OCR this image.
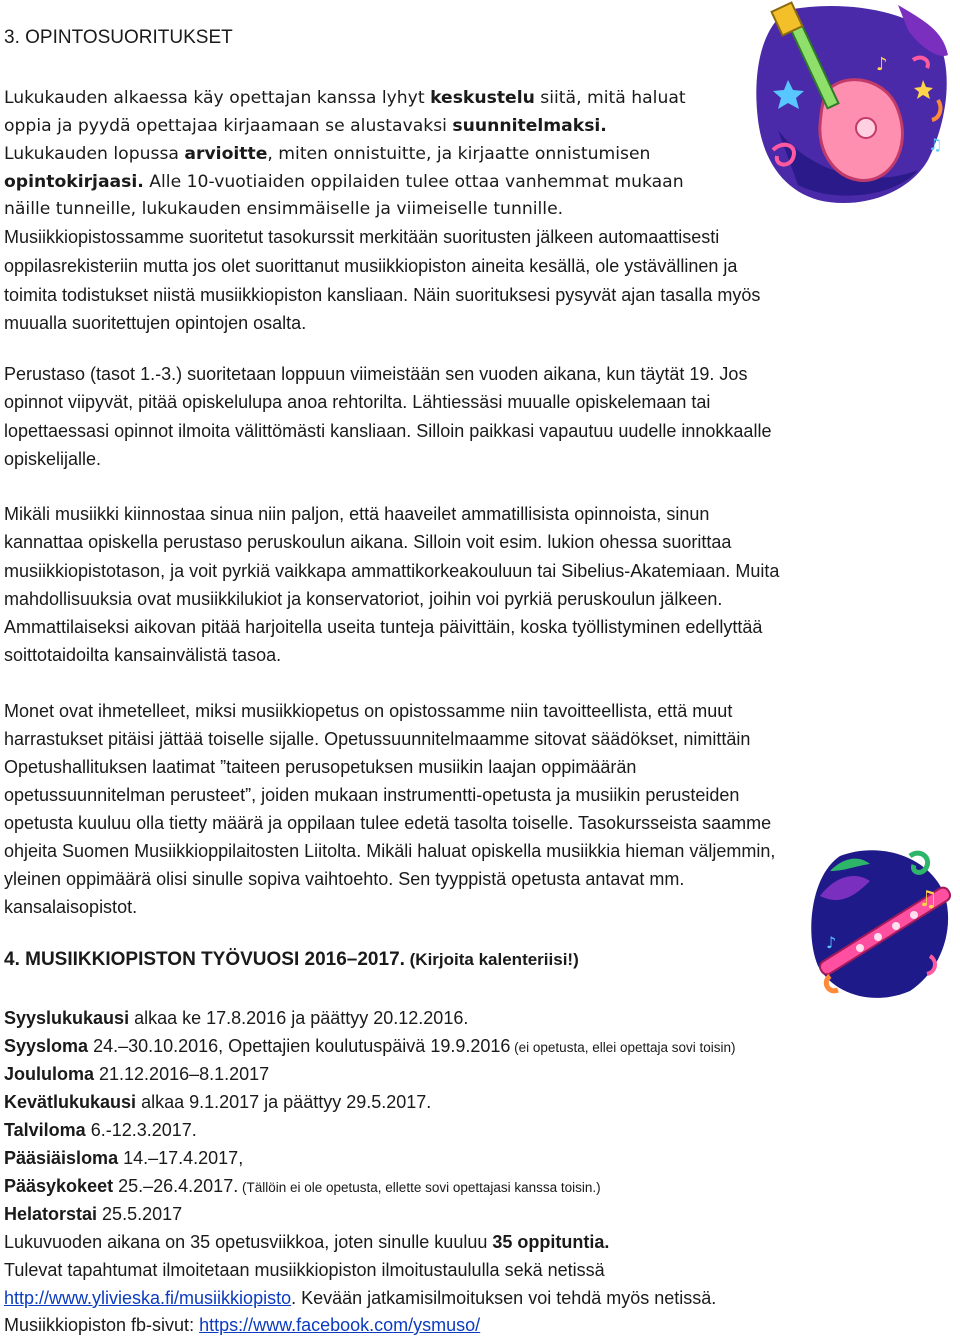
3. OPINTOSUORITUKSET
Lukukauden alkaessa käy opettajan kanssa lyhyt keskustelu siitä, mitä haluat
oppia ja pyydä opettajaa kirjaamaan se alustavaksi suunnitelmaksi.
Lukukauden lopussa arvioitte, miten onnistuitte, ja kirjaatte onnistumisen
opintokirjaasi. Alle 10-vuotiaiden oppilaiden tulee ottaa vanhemmat mukaan
näille tunneille, lukukauden ensimmäiselle ja viimeiselle tunnille.
Musiikkiopistossamme suoritetut tasokurssit merkitään suoritusten jälkeen automaattisesti
oppilasrekisteriin mutta jos olet suorittanut musiikkiopiston aineita kesällä, ole ystävällinen ja
toimita todistukset niistä musiikkiopiston kansliaan. Näin suorituksesi pysyvät ajan tasalla myös
muualla suoritettujen opintojen osalta.
Perustaso (tasot 1.-3.) suoritetaan loppuun viimeistään sen vuoden aikana, kun täytät 19. Jos
opinnot viipyvät, pitää opiskelulupa anoa rehtorilta. Lähtiessäsi muualle opiskelemaan tai
lopettaessasi opinnot ilmoita välittömästi kansliaan. Silloin paikkasi vapautuu uudelle innokkaalle
opiskelijalle.
Mikäli musiikki kiinnostaa sinua niin paljon, että haaveilet ammatillisista opinnoista, sinun
kannattaa opiskella perustaso peruskoulun aikana. Silloin voit esim. lukion ohessa suorittaa
musiikkiopistotason, ja voit pyrkiä vaikkapa ammattikorkeakouluun tai Sibelius-Akatemiaan. Muita
mahdollisuuksia ovat musiikkilukiot ja konservatoriot, joihin voi pyrkiä peruskoulun jälkeen.
Ammattilaiseksi aikovan pitää harjoitella useita tunteja päivittäin, koska työllistyminen edellyttää
soittotaidoilta kansainvälistä tasoa.
Monet ovat ihmetelleet, miksi musiikkiopetus on opistossamme niin tavoitteellista, että muut
harrastukset pitäisi jättää toiselle sijalle. Opetussuunnitelmaamme sitovat säädökset, nimittäin
Opetushallituksen laatimat ”taiteen perusopetuksen musiikin laajan oppimäärän
opetussuunnitelman perusteet”, joiden mukaan instrumentti-opetusta ja musiikin perusteiden
opetusta kuuluu olla tietty määrä ja oppilaan tulee edetä tasolta toiselle. Tasokursseista saamme
ohjeita Suomen Musiikkioppilaitosten Liitolta. Mikäli haluat opiskella musiikkia hieman väljemmin,
yleinen oppimäärä olisi sinulle sopiva vaihtoehto. Sen tyyppistä opetusta antavat mm.
kansalaisopistot.
4. MUSIIKKIOPISTON TYÖVUOSI 2016–2017. (Kirjoita kalenteriisi!)
Syyslukukausi alkaa ke 17.8.2016 ja päättyy 20.12.2016.
Syysloma 24.–30.10.2016, Opettajien koulutuspäivä 19.9.2016 (ei opetusta, ellei opettaja sovi toisin)
Joululoma 21.12.2016–8.1.2017
Kevätlukukausi alkaa 9.1.2017 ja päättyy 29.5.2017.
Talviloma 6.-12.3.2017.
Pääsiäisloma 14.–17.4.2017,
Pääsykokeet 25.–26.4.2017. (Tällöin ei ole opetusta, ellette sovi opettajasi kanssa toisin.)
Helatorstai 25.5.2017
Lukuvuoden aikana on 35 opetusviikkoa, joten sinulle kuuluu 35 oppituntia.
Tulevat tapahtumat ilmoitetaan musiikkiopiston ilmoitustaululla sekä netissä
http://www.ylivieska.fi/musiikkiopisto. Kevään jatkamisilmoituksen voi tehdä myös netissä.
Musiikkiopiston fb-sivut: https://www.facebook.com/ysmuso/
♪
♫
♫
♪
